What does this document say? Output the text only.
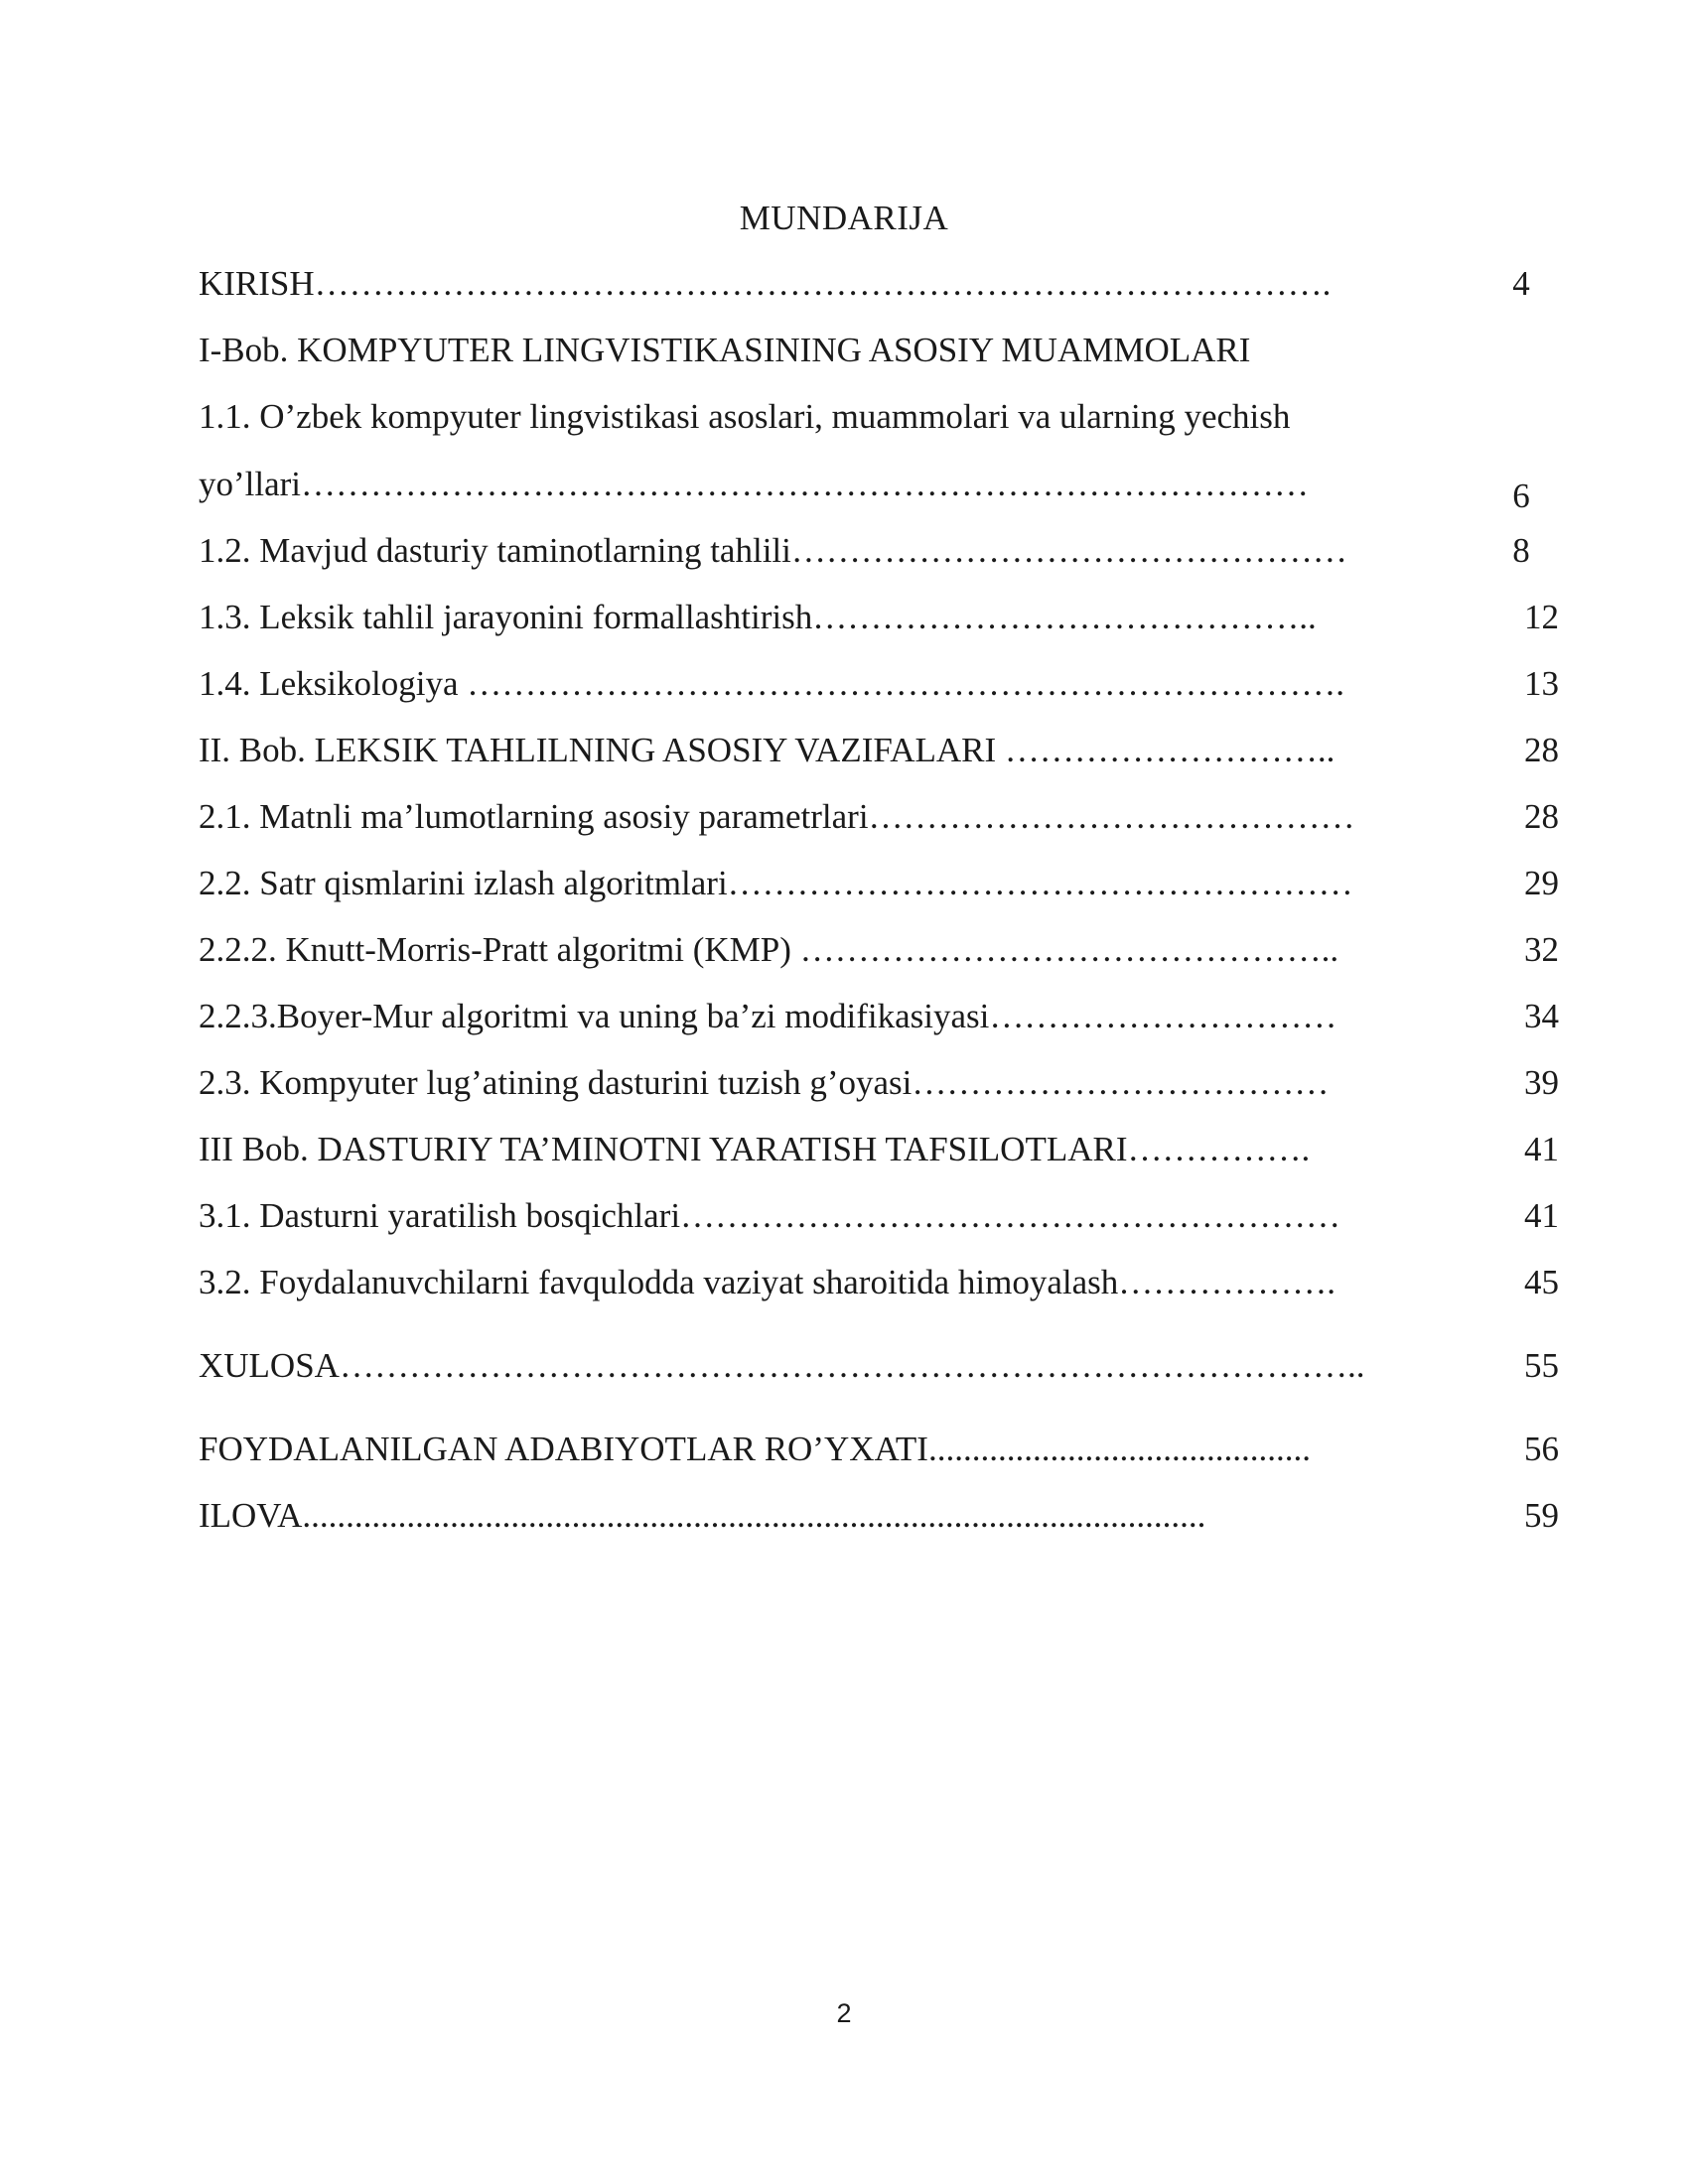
MUNDARIJA
KIRISH…………………………………………………………………………….	4
I-Bob. KOMPYUTER LINGVISTIKASINING ASOSIY MUAMMOLARI
1.1. O’zbek kompyuter lingvistikasi asoslari, muammolari va ularning yechish
yo’llari……………………………………………………………………………	6
1.2. Mavjud dasturiy taminotlarning tahlili…………………………………………	8
1.3. Leksik tahlil jarayonini formallashtirish……………………………………..	12
1.4. Leksikologiya ………………………………………………………………….	13
II. Bob. LEKSIK TAHLILNING ASOSIY VAZIFALARI ………………………..	28
2.1. Matnli ma’lumotlarning asosiy parametrlari……………………………………	28
2.2. Satr qismlarini izlash algoritmlari………………………………………………	29
2.2.2. Knutt-Morris-Pratt algoritmi (KMP) ………………………………………..	32
2.2.3.Boyer-Mur algoritmi va uning ba’zi modifikasiyasi…………………………	34
2.3. Kompyuter lug’atining dasturini tuzish g’oyasi………………………………	39
III Bob. DASTURIY TA’MINOTNI YARATISH TAFSILOTLARI…………….	41
3.1. Dasturni yaratilish bosqichlari…………………………………………………	41
3.2. Foydalanuvchilarni favqulodda vaziyat sharoitida himoyalash……………….	45
XULOSA……………………………………………………………………………..	55
FOYDALANILGAN ADABIYOTLAR RO’YXATI............................................	56
ILOVA........................................................................................................	59
2
